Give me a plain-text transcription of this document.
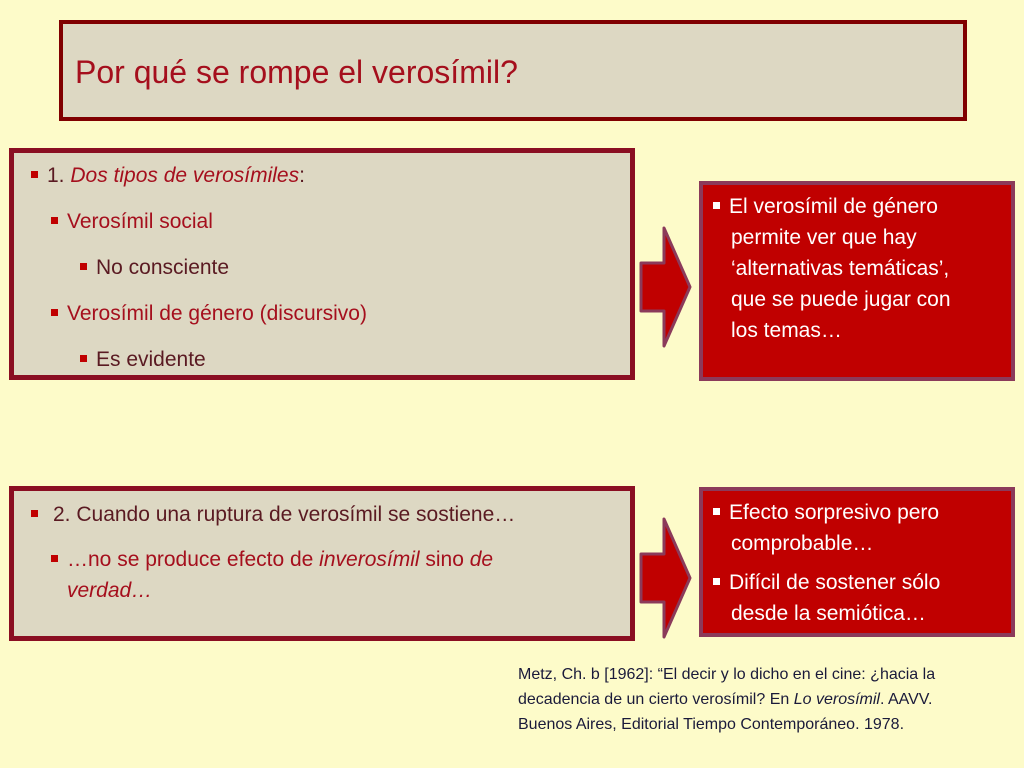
Por qué se rompe el verosímil?
1. Dos tipos de verosímiles:
Verosímil social
No consciente
Verosímil de género (discursivo)
Es evidente
El verosímil de género
permite ver que hay
‘alternativas temáticas’,
que se puede jugar con
los temas…
2. Cuando una ruptura de verosímil se sostiene…
…no se produce efecto de inverosímil sino de
verdad…
Efecto sorpresivo pero
comprobable…
Difícil de sostener sólo
desde la semiótica…
Metz, Ch. b [1962]: “El decir y lo dicho en el cine: ¿hacia la
decadencia de un cierto verosímil? En Lo verosímil. AAVV.
Buenos Aires, Editorial Tiempo Contemporáneo. 1978.
